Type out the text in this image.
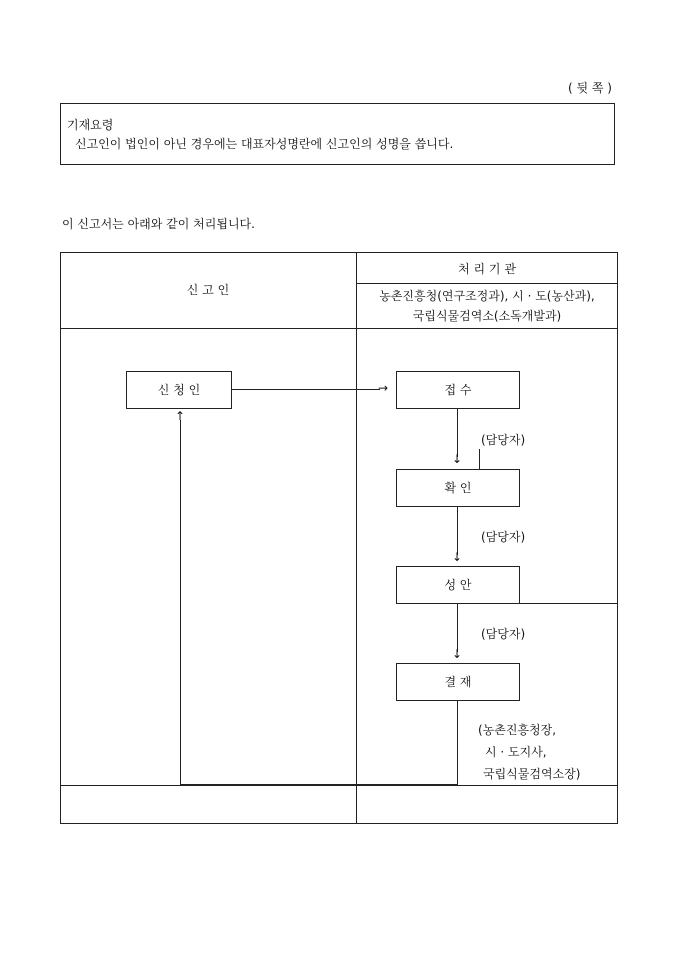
( 뒷 쪽 )
기재요령
신고인이 법인이 아닌 경우에는 대표자성명란에 신고인의 성명을 씁니다.
이 신고서는 아래와 같이 처리됩니다.
신 고 인
처 리 기 관
농촌진흥청(연구조정과), 시 · 도(농산과),
국립식물검역소(소독개발과)
신 청 인	→	접 수
↓
(담당자)
확 인
↓
(담당자)
성 안
↓
(담당자)
결 재
(농촌진흥청장,
시 · 도지사,
국립식물검역소장)
↑
